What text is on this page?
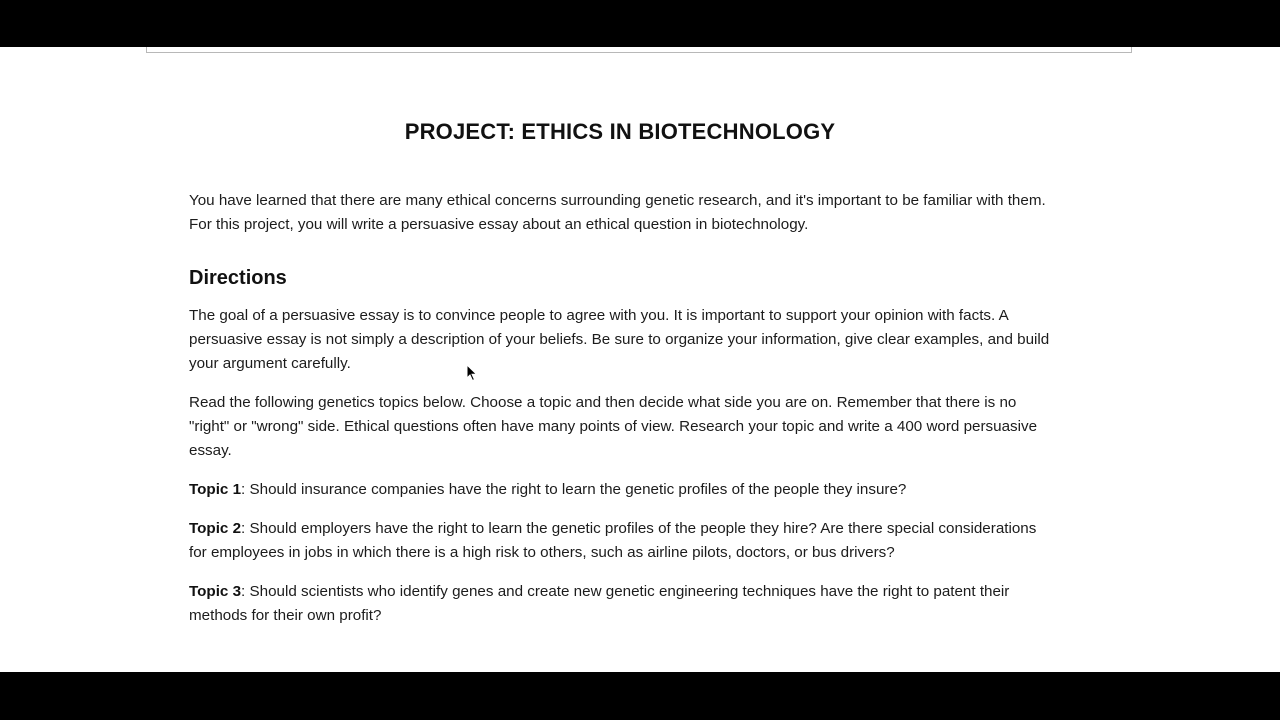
PROJECT: ETHICS IN BIOTECHNOLOGY

You have learned that there are many ethical concerns surrounding genetic research, and it's important to be familiar with them. For this project, you will write a persuasive essay about an ethical question in biotechnology.

Directions

The goal of a persuasive essay is to convince people to agree with you. It is important to support your opinion with facts. A persuasive essay is not simply a description of your beliefs. Be sure to organize your information, give clear examples, and build your argument carefully.

Read the following genetics topics below. Choose a topic and then decide what side you are on. Remember that there is no "right" or "wrong" side. Ethical questions often have many points of view. Research your topic and write a 400 word persuasive essay.

Topic 1: Should insurance companies have the right to learn the genetic profiles of the people they insure?

Topic 2: Should employers have the right to learn the genetic profiles of the people they hire? Are there special considerations for employees in jobs in which there is a high risk to others, such as airline pilots, doctors, or bus drivers?

Topic 3: Should scientists who identify genes and create new genetic engineering techniques have the right to patent their methods for their own profit?
